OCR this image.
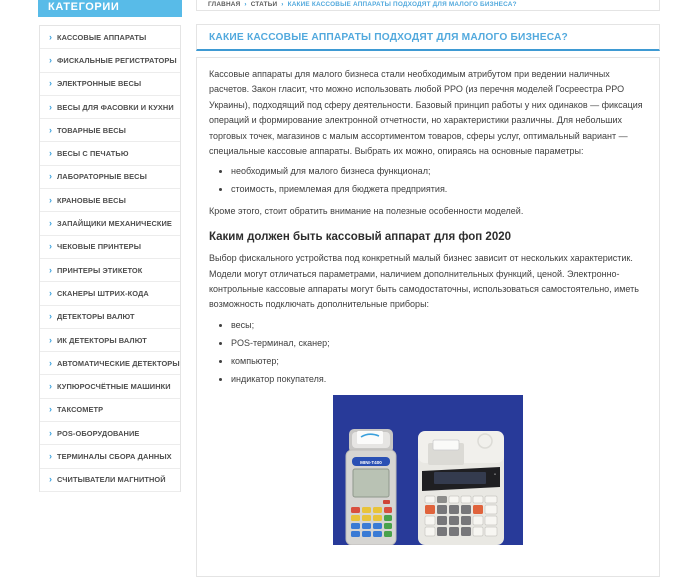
КАТЕГОРИИ
› КАССОВЫЕ АППАРАТЫ
› ФИСКАЛЬНЫЕ РЕГИСТРАТОРЫ
› ЭЛЕКТРОННЫЕ ВЕСЫ
› ВЕСЫ ДЛЯ ФАСОВКИ И КУХНИ
› ТОВАРНЫЕ ВЕСЫ
› ВЕСЫ С ПЕЧАТЬЮ
› ЛАБОРАТОРНЫЕ ВЕСЫ
› КРАНОВЫЕ ВЕСЫ
› ЗАПАЙЩИКИ МЕХАНИЧЕСКИЕ
› ЧЕКОВЫЕ ПРИНТЕРЫ
› ПРИНТЕРЫ ЭТИКЕТОК
› СКАНЕРЫ ШТРИХ-КОДА
› ДЕТЕКТОРЫ ВАЛЮТ
› ИК ДЕТЕКТОРЫ ВАЛЮТ
› АВТОМАТИЧЕСКИЕ ДЕТЕКТОРЫ
› КУПЮРОСЧЁТНЫЕ МАШИНКИ
› ТАКСОМЕТР
› POS-ОБОРУДОВАНИЕ
› ТЕРМИНАЛЫ СБОРА ДАННЫХ
› СЧИТЫВАТЕЛИ МАГНИТНОЙ
ГЛАВНАЯ › СТАТЬИ › КАКИЕ КАССОВЫЕ АППАРАТЫ ПОДХОДЯТ ДЛЯ МАЛОГО БИЗНЕСА?
КАКИЕ КАССОВЫЕ АППАРАТЫ ПОДХОДЯТ ДЛЯ МАЛОГО БИЗНЕСА?

Кассовые аппараты для малого бизнеса стали необходимым атрибутом при ведении наличных расчетов. Закон гласит, что можно использовать любой РРО (из перечня моделей Госреестра РРО Украины), подходящий под сферу деятельности. Базовый принцип работы у них одинаков — фиксация операций и формирование электронной отчетности, но характеристики различны. Для небольших торговых точек, магазинов с малым ассортиментом товаров, сферы услуг, оптимальный вариант — специальные кассовые аппараты. Выбрать их можно, опираясь на основные параметры:

• необходимый для малого бизнеса функционал;
• стоимость, приемлемая для бюджета предприятия.

Кроме этого, стоит обратить внимание на полезные особенности моделей.

Каким должен быть кассовый аппарат для фоп 2020

Выбор фискального устройства под конкретный малый бизнес зависит от нескольких характеристик. Модели могут отличаться параметрами, наличием дополнительных функций, ценой. Электронно-контрольные кассовые аппараты могут быть самодостаточны, использоваться самостоятельно, иметь возможность подключать дополнительные приборы:

• весы;
• POS-терминал, сканер;
• компьютер;
• индикатор покупателя.
MINI-T400
▪▪
